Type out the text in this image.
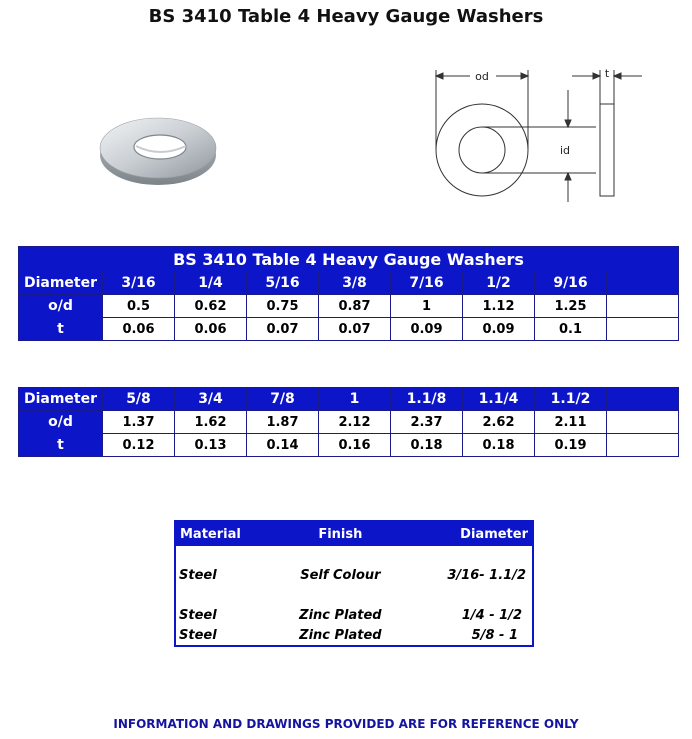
BS 3410 Table 4 Heavy Gauge Washers
od	t
id
BS 3410 Table 4 Heavy Gauge Washers								
Diameter	3/16	1/4	5/16	3/8	7/16	1/2	9/16	
o/d	0.5	0.62	0.75	0.87	1	1.12	1.25	
t	0.06	0.06	0.07	0.07	0.09	0.09	0.1	
Diameter	5/8	3/4	7/8	1	1.1/8	1.1/4	1.1/2	
o/d	1.37	1.62	1.87	2.12	2.37	2.62	2.11	
t	0.12	0.13	0.14	0.16	0.18	0.18	0.19	
Material	Finish	Diameter

Steel	Self Colour	3/16- 1.1/2

Steel	Zinc Plated	1/4 - 1/2
Steel	Zinc Plated	5/8 - 1
INFORMATION AND DRAWINGS PROVIDED ARE FOR REFERENCE ONLY
